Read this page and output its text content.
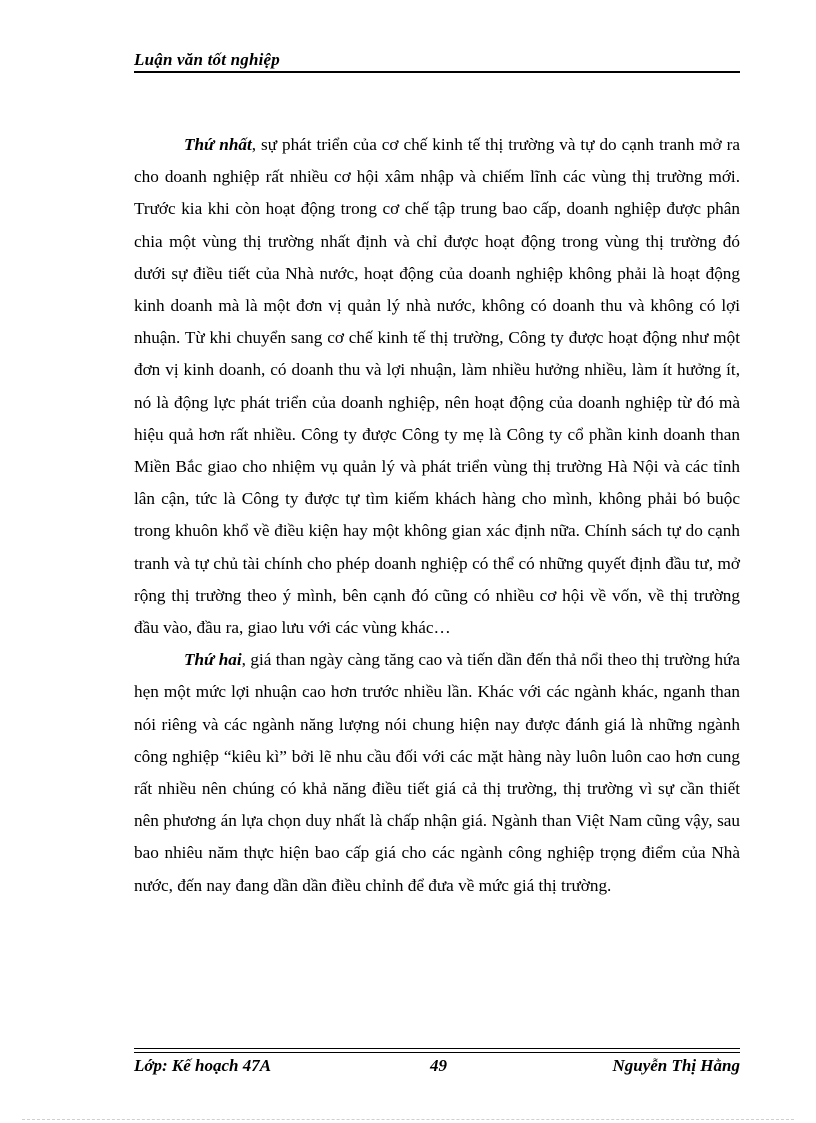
Luận văn tốt nghiệp

Thứ nhất, sự phát triển của cơ chế kinh tế thị trường và tự do cạnh tranh mở ra cho doanh nghiệp rất nhiều cơ hội xâm nhập và chiếm lĩnh các vùng thị trường mới. Trước kia khi còn hoạt động trong cơ chế tập trung bao cấp, doanh nghiệp được phân chia một vùng thị trường nhất định và chỉ được hoạt động trong vùng thị trường đó dưới sự điều tiết của Nhà nước, hoạt động của doanh nghiệp không phải là hoạt động kinh doanh mà là một đơn vị quản lý nhà nước, không có doanh thu và không có lợi nhuận. Từ khi chuyển sang cơ chế kinh tế thị trường, Công ty được hoạt động như một đơn vị kinh doanh, có doanh thu và lợi nhuận, làm nhiều hưởng nhiều, làm ít hưởng ít, nó là động lực phát triển của doanh nghiệp, nên hoạt động của doanh nghiệp từ đó mà hiệu quả hơn rất nhiều. Công ty được Công ty mẹ là Công ty cổ phần kinh doanh than Miền Bắc giao cho nhiệm vụ quản lý và phát triển vùng thị trường Hà Nội và các tỉnh lân cận, tức là Công ty được tự tìm kiếm khách hàng cho mình, không phải bó buộc trong khuôn khổ về điều kiện hay một không gian xác định nữa. Chính sách tự do cạnh tranh và tự chủ tài chính cho phép doanh nghiệp có thể có những quyết định đầu tư, mở rộng thị trường theo ý mình, bên cạnh đó cũng có nhiều cơ hội về vốn, về thị trường đầu vào, đầu ra, giao lưu với các vùng khác…

Thứ hai, giá than ngày càng tăng cao và tiến dần đến thả nổi theo thị trường hứa hẹn một mức lợi nhuận cao hơn trước nhiều lần. Khác với các ngành khác, nganh than nói riêng và các ngành năng lượng nói chung hiện nay được đánh giá là những ngành công nghiệp “kiêu kì” bởi lẽ nhu cầu đối với các mặt hàng này luôn luôn cao hơn cung rất nhiều nên chúng có khả năng điều tiết giá cả thị trường, thị trường vì sự cần thiết nên phương án lựa chọn duy nhất là chấp nhận giá. Ngành than Việt Nam cũng vậy, sau bao nhiêu năm thực hiện bao cấp giá cho các ngành công nghiệp trọng điểm của Nhà nước, đến nay đang dần dần điều chỉnh để đưa về mức giá thị trường.

Lớp: Kế hoạch 47A	49	Nguyễn Thị Hằng
